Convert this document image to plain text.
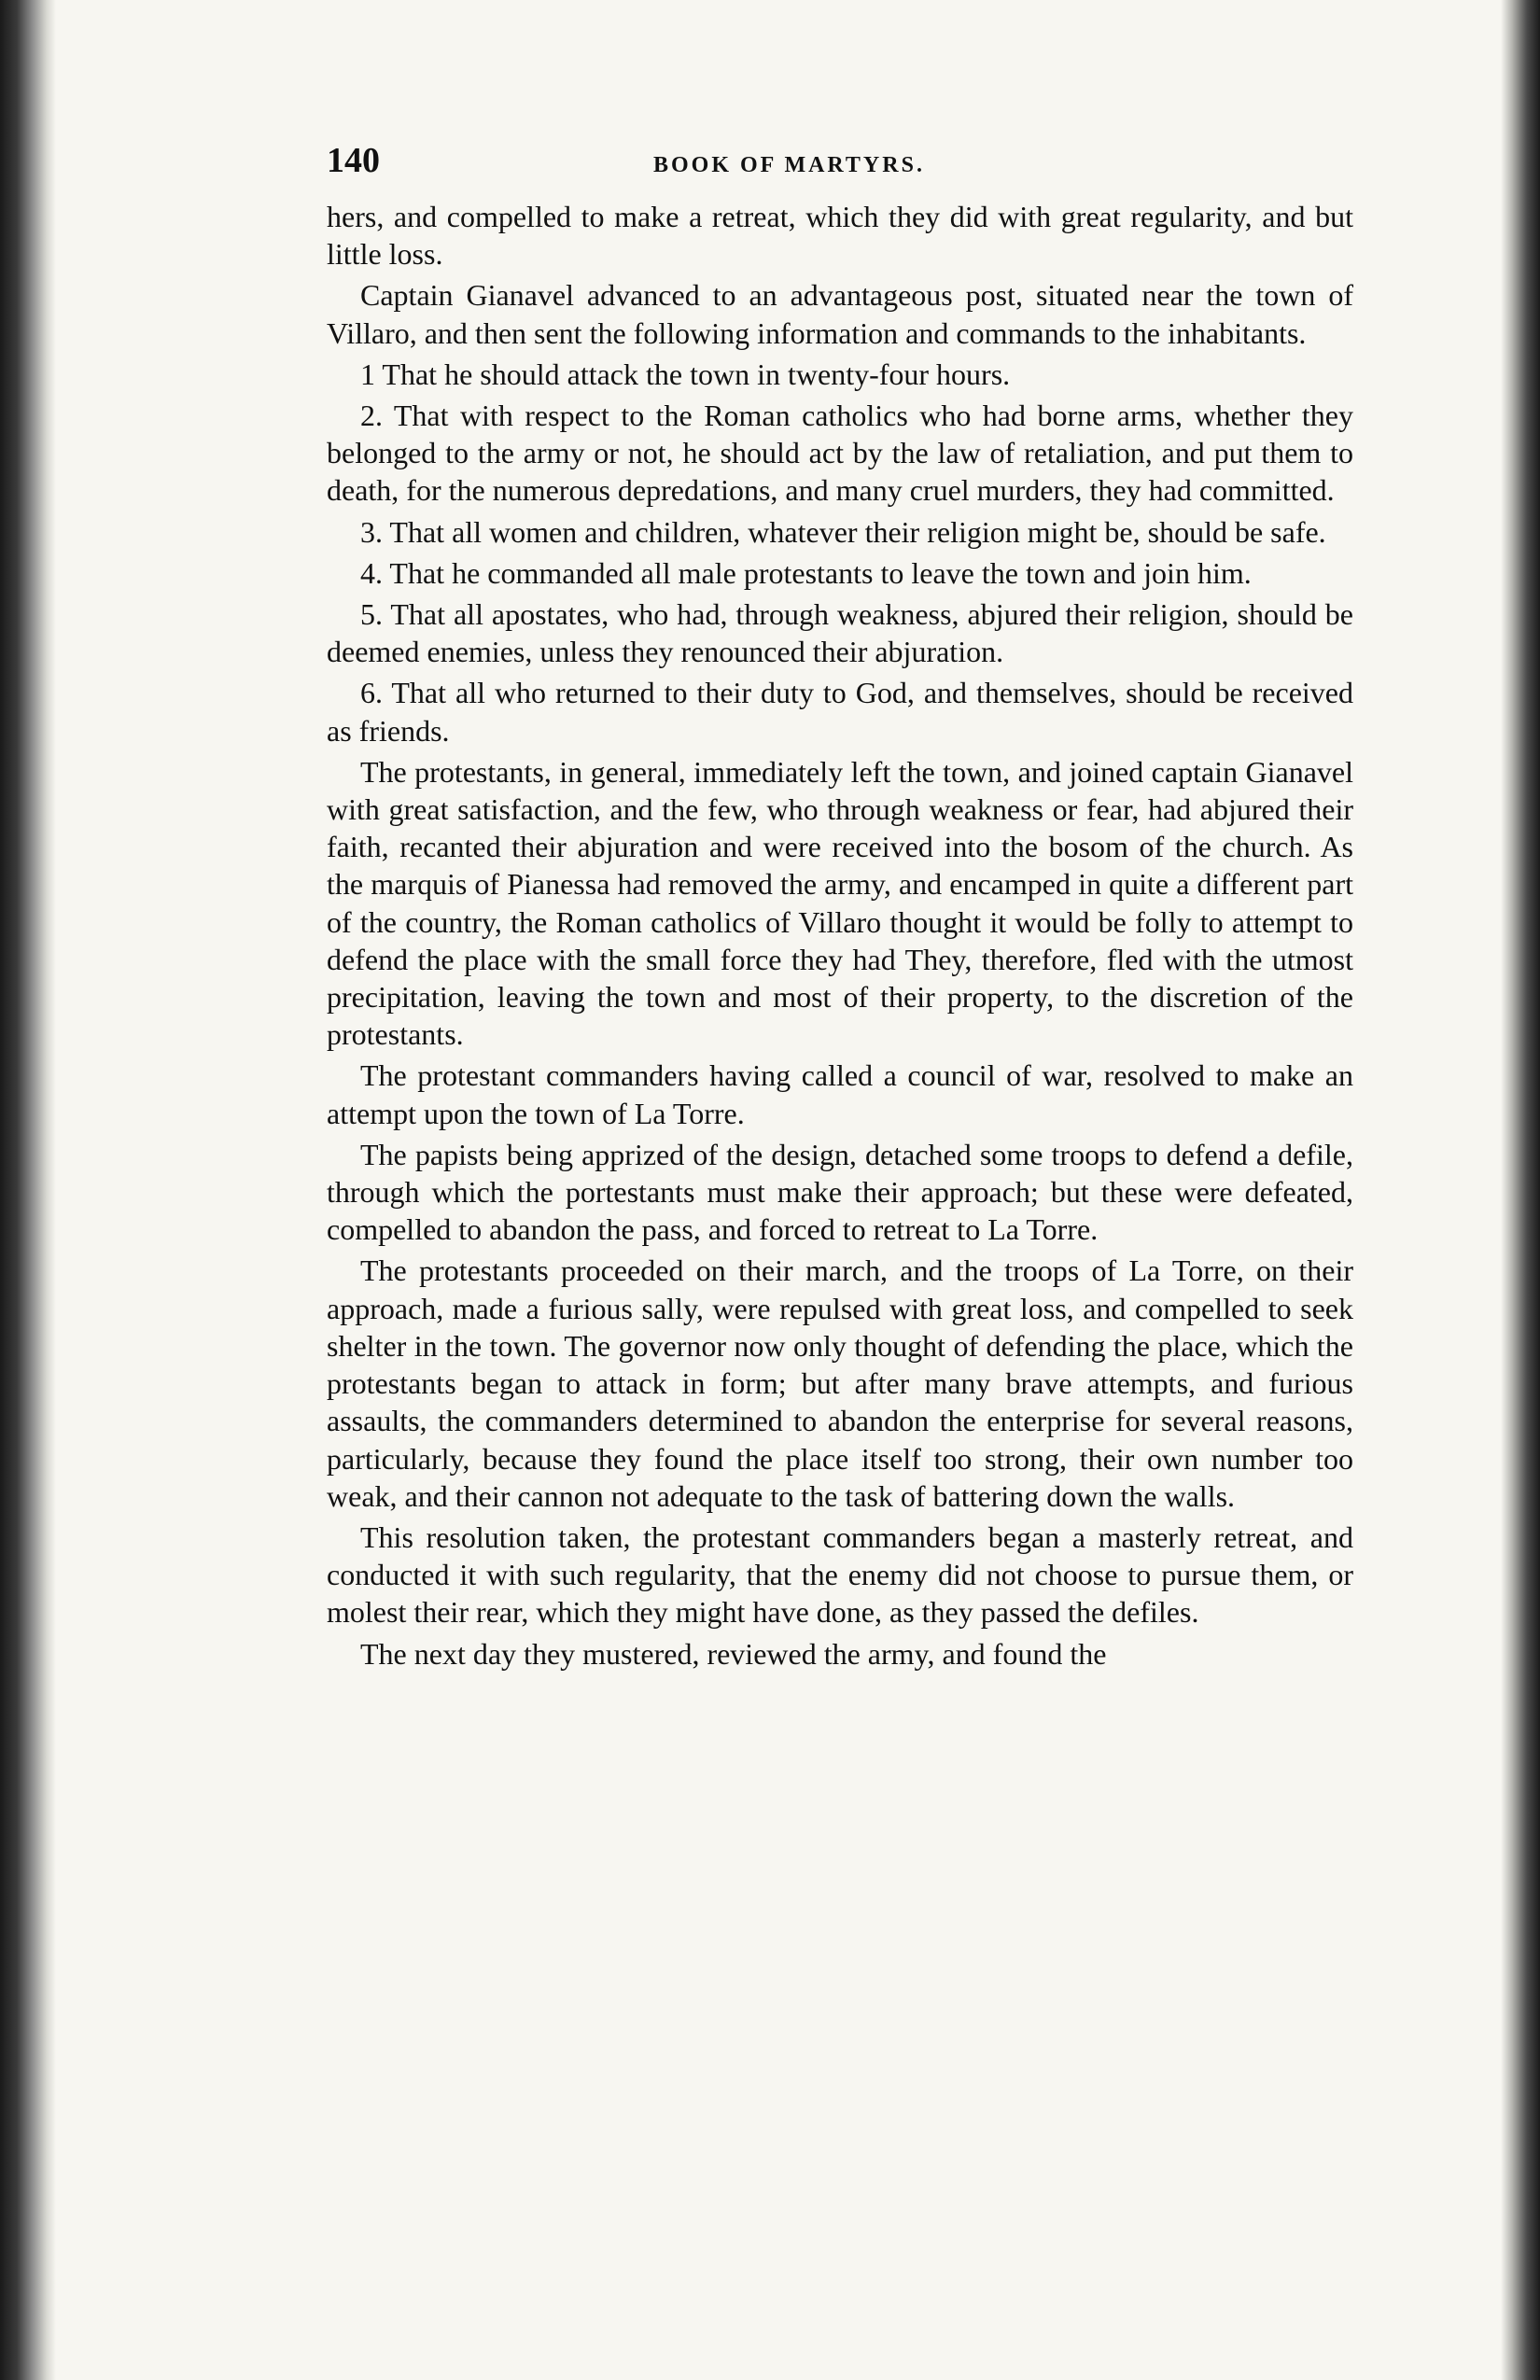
140	BOOK OF MARTYRS.

hers, and compelled to make a retreat, which they did with great regularity, and but little loss.

Captain Gianavel advanced to an advantageous post, situated near the town of Villaro, and then sent the following information and commands to the inhabitants.

1 That he should attack the town in twenty-four hours.

2. That with respect to the Roman catholics who had borne arms, whether they belonged to the army or not, he should act by the law of retaliation, and put them to death, for the numerous depredations, and many cruel murders, they had committed.

3. That all women and children, whatever their religion might be, should be safe.

4. That he commanded all male protestants to leave the town and join him.

5. That all apostates, who had, through weakness, abjured their religion, should be deemed enemies, unless they renounced their abjuration.

6. That all who returned to their duty to God, and themselves, should be received as friends.

The protestants, in general, immediately left the town, and joined captain Gianavel with great satisfaction, and the few, who through weakness or fear, had abjured their faith, recanted their abjuration and were received into the bosom of the church. As the marquis of Pianessa had removed the army, and encamped in quite a different part of the country, the Roman catholics of Villaro thought it would be folly to attempt to defend the place with the small force they had They, therefore, fled with the utmost precipitation, leaving the town and most of their property, to the discretion of the protestants.

The protestant commanders having called a council of war, resolved to make an attempt upon the town of La Torre.

The papists being apprized of the design, detached some troops to defend a defile, through which the portestants must make their approach; but these were defeated, compelled to abandon the pass, and forced to retreat to La Torre.

The protestants proceeded on their march, and the troops of La Torre, on their approach, made a furious sally, were repulsed with great loss, and compelled to seek shelter in the town. The governor now only thought of defending the place, which the protestants began to attack in form; but after many brave attempts, and furious assaults, the commanders determined to abandon the enterprise for several reasons, particularly, because they found the place itself too strong, their own number too weak, and their cannon not adequate to the task of battering down the walls.

This resolution taken, the protestant commanders began a masterly retreat, and conducted it with such regularity, that the enemy did not choose to pursue them, or molest their rear, which they might have done, as they passed the defiles.

The next day they mustered, reviewed the army, and found the
